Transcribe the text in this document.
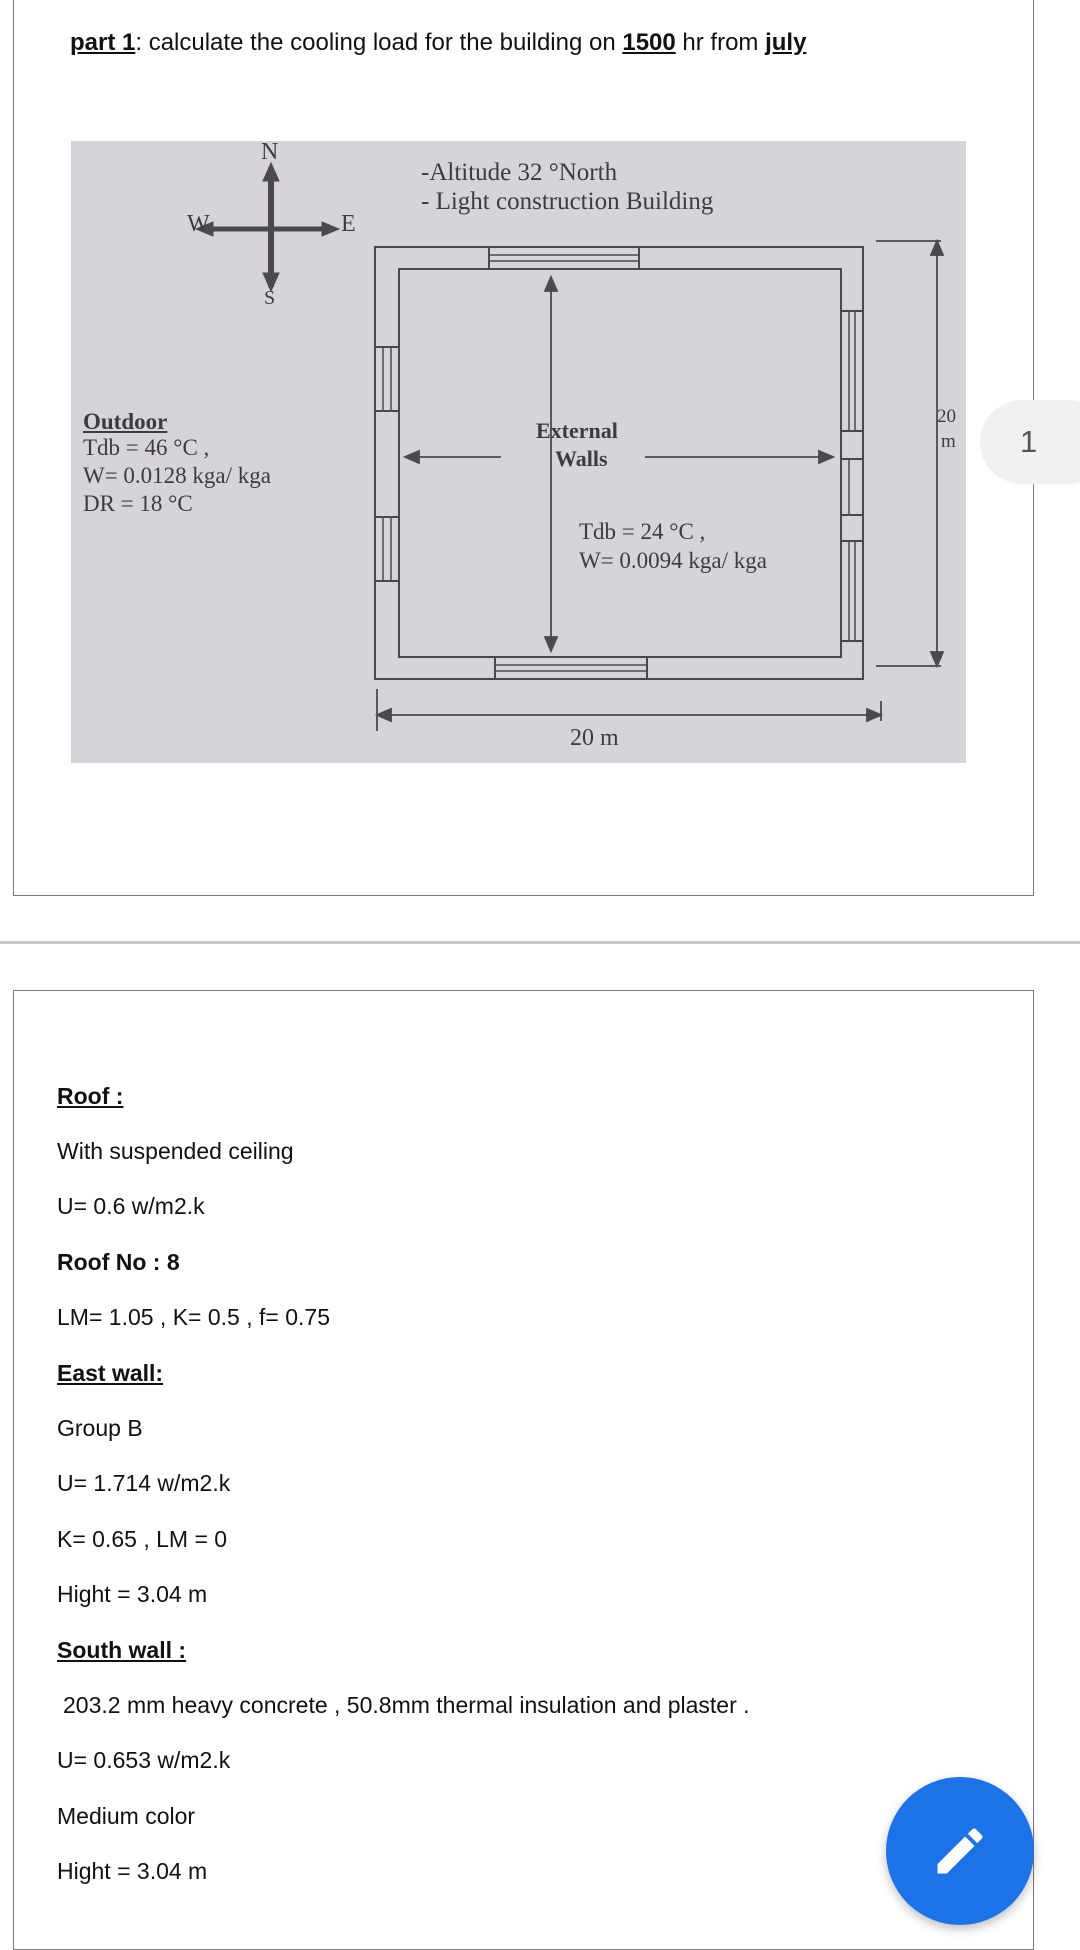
part 1: calculate the cooling load for the building on 1500 hr from july
N
S
E
W
-Altitude 32 °North
- Light construction Building
Outdoor
Tdb = 46 °C ,
W= 0.0128 kga/ kga
DR = 18 °C
External
Walls
Tdb = 24 °C ,
W= 0.0094 kga/ kga
20 m
20
m	1
Roof :
With suspended ceiling
U= 0.6 w/m2.k
Roof No : 8
LM= 1.05 , K= 0.5 , f= 0.75
East wall:
Group B
U= 1.714 w/m2.k
K= 0.65 , LM = 0
Hight = 3.04 m
South wall :
203.2 mm heavy concrete , 50.8mm thermal insulation and plaster .
U= 0.653 w/m2.k
Medium color
Hight = 3.04 m
